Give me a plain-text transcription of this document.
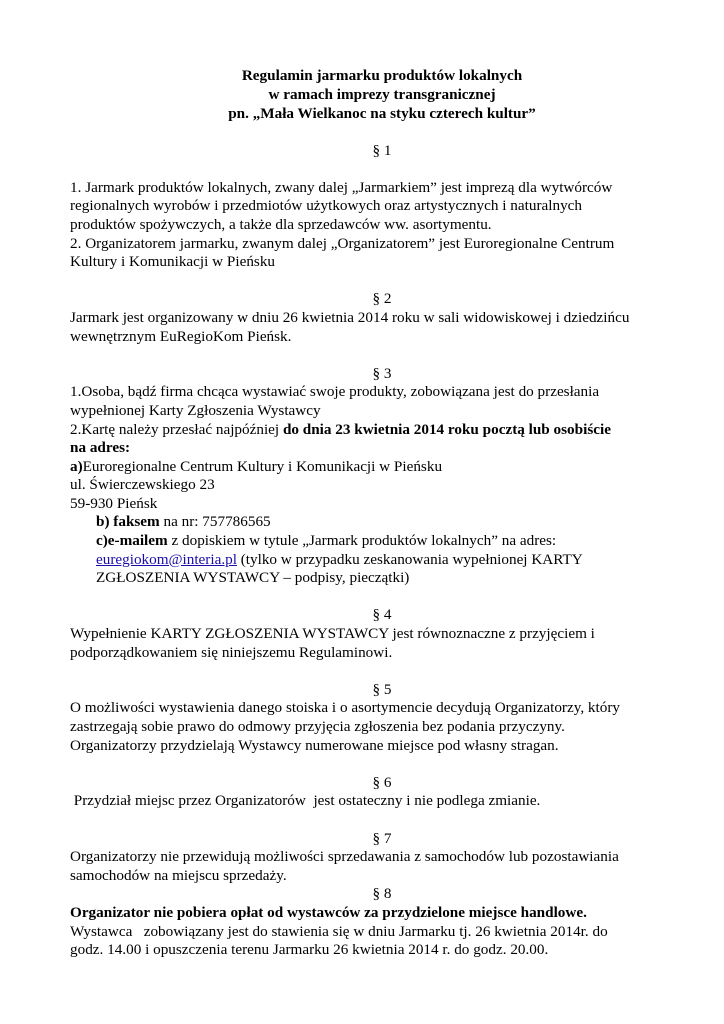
Regulamin jarmarku produktów lokalnych
w ramach imprezy transgranicznej
pn. „Mała Wielkanoc na styku czterech kultur”

§ 1

1. Jarmark produktów lokalnych, zwany dalej „Jarmarkiem” jest imprezą dla wytwórców
regionalnych wyrobów i przedmiotów użytkowych oraz artystycznych i naturalnych
produktów spożywczych, a także dla sprzedawców ww. asortymentu.

2. Organizatorem jarmarku, zwanym dalej „Organizatorem” jest Euroregionalne Centrum
Kultury i Komunikacji w Pieńsku

§ 2

Jarmark jest organizowany w dniu 26 kwietnia 2014 roku w sali widowiskowej i dziedzińcu
wewnętrznym EuRegioKom Pieńsk.

§ 3

1.Osoba, bądź firma chcąca wystawiać swoje produkty, zobowiązana jest do przesłania
wypełnionej Karty Zgłoszenia Wystawcy

2.Kartę należy przesłać najpóźniej do dnia 23 kwietnia 2014 roku pocztą lub osobiście
na adres:

a)Euroregionalne Centrum Kultury i Komunikacji w Pieńsku
ul. Świerczewskiego 23
59-930 Pieńsk

b) faksem na nr: 757786565

c)e-mailem z dopiskiem w tytule „Jarmark produktów lokalnych” na adres:
euregiokom@interia.pl (tylko w przypadku zeskanowania wypełnionej KARTY
ZGŁOSZENIA WYSTAWCY – podpisy, pieczątki)

§ 4

Wypełnienie KARTY ZGŁOSZENIA WYSTAWCY jest równoznaczne z przyjęciem i
podporządkowaniem się niniejszemu Regulaminowi.

§ 5

O możliwości wystawienia danego stoiska i o asortymencie decydują Organizatorzy, który
zastrzegają sobie prawo do odmowy przyjęcia zgłoszenia bez podania przyczyny.
Organizatorzy przydzielają Wystawcy numerowane miejsce pod własny stragan.

§ 6

Przydział miejsc przez Organizatorów  jest ostateczny i nie podlega zmianie.

§ 7

Organizatorzy nie przewidują możliwości sprzedawania z samochodów lub pozostawiania
samochodów na miejscu sprzedaży.

§ 8

Organizator nie pobiera opłat od wystawców za przydzielone miejsce handlowe.
Wystawca   zobowiązany jest do stawienia się w dniu Jarmarku tj. 26 kwietnia 2014r. do
godz. 14.00 i opuszczenia terenu Jarmarku 26 kwietnia 2014 r. do godz. 20.00.
